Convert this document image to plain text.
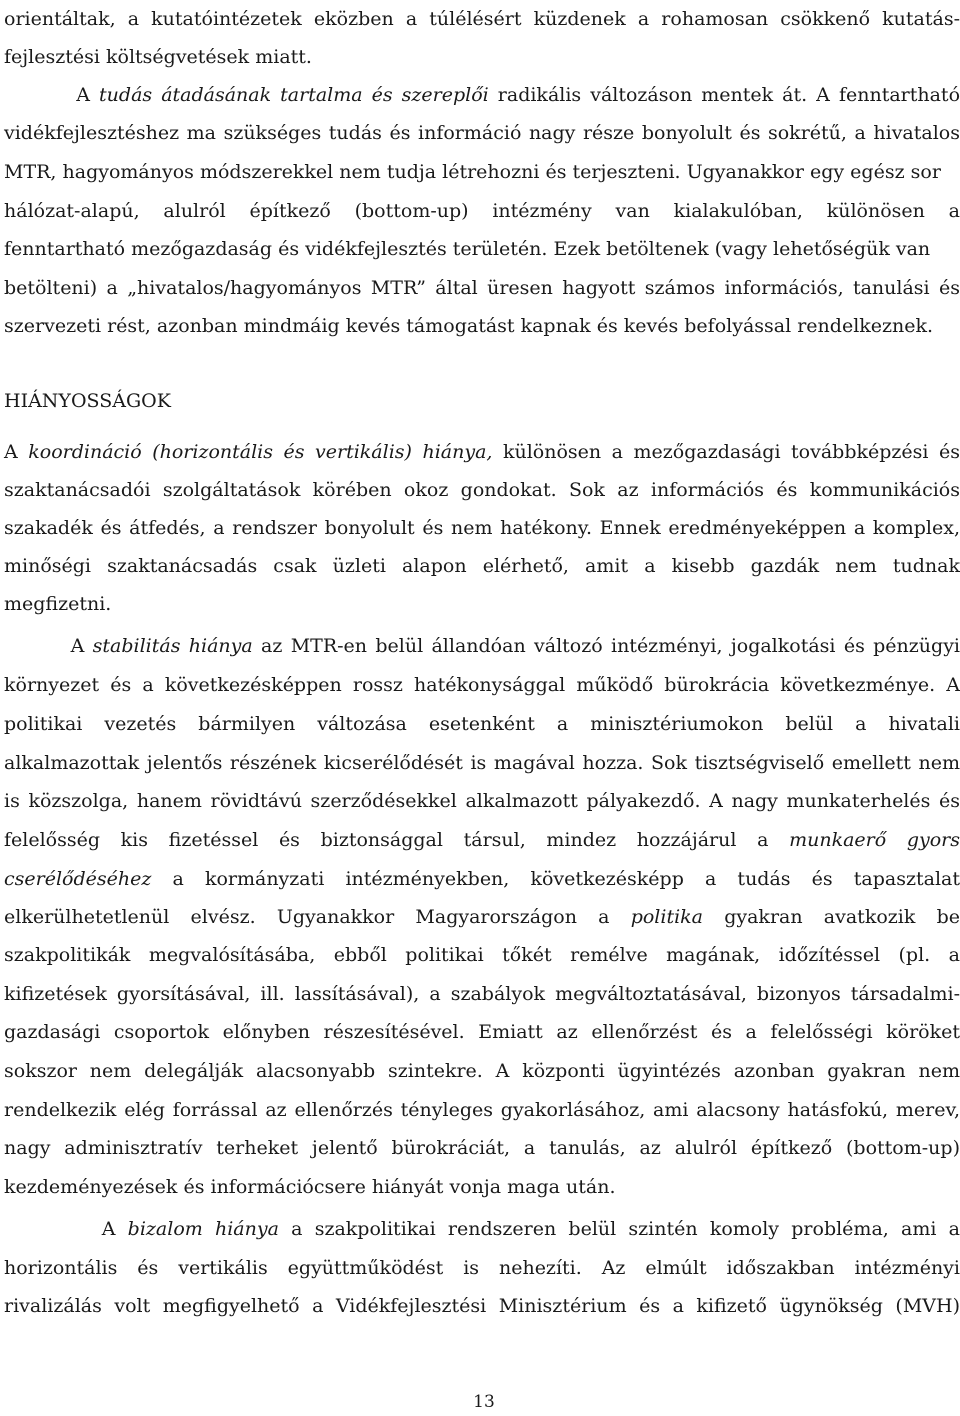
orientáltak, a kutatóintézetek eközben a túlélésért küzdenek a rohamosan csökkenő kutatás-
fejlesztési költségvetések miatt.
A tudás átadásának tartalma és szereplői radikális változáson mentek át. A fenntartható
vidékfejlesztéshez ma szükséges tudás és információ nagy része bonyolult és sokrétű, a hivatalos
MTR, hagyományos módszerekkel nem tudja létrehozni és terjeszteni. Ugyanakkor egy egész sor
hálózat-alapú, alulról építkező (bottom-up) intézmény van kialakulóban, különösen a
fenntartható mezőgazdaság és vidékfejlesztés területén. Ezek betöltenek (vagy lehetőségük van
betölteni) a „hivatalos/hagyományos MTR” által üresen hagyott számos információs, tanulási és
szervezeti rést, azonban mindmáig kevés támogatást kapnak és kevés befolyással rendelkeznek.
A koordináció (horizontális és vertikális) hiánya, különösen a mezőgazdasági továbbképzési és
szaktanácsadói szolgáltatások körében okoz gondokat. Sok az információs és kommunikációs
szakadék és átfedés, a rendszer bonyolult és nem hatékony. Ennek eredményeképpen a komplex,
minőségi szaktanácsadás csak üzleti alapon elérhető, amit a kisebb gazdák nem tudnak
megfizetni.
A stabilitás hiánya az MTR-en belül állandóan változó intézményi, jogalkotási és pénzügyi
környezet és a következésképpen rossz hatékonysággal működő bürokrácia következménye. A
politikai vezetés bármilyen változása esetenként a minisztériumokon belül a hivatali
alkalmazottak jelentős részének kicserélődését is magával hozza. Sok tisztségviselő emellett nem
is közszolga, hanem rövidtávú szerződésekkel alkalmazott pályakezdő. A nagy munkaterhelés és
felelősség kis fizetéssel és biztonsággal társul, mindez hozzájárul a munkaerő gyors
cserélődéséhez a kormányzati intézményekben, következésképp a tudás és tapasztalat
elkerülhetetlenül elvész. Ugyanakkor Magyarországon a politika gyakran avatkozik be
szakpolitikák megvalósításába, ebből politikai tőkét remélve magának, időzítéssel (pl. a
kifizetések gyorsításával, ill. lassításával), a szabályok megváltoztatásával, bizonyos társadalmi-
gazdasági csoportok előnyben részesítésével. Emiatt az ellenőrzést és a felelősségi köröket
sokszor nem delegálják alacsonyabb szintekre. A központi ügyintézés azonban gyakran nem
rendelkezik elég forrással az ellenőrzés tényleges gyakorlásához, ami alacsony hatásfokú, merev,
nagy adminisztratív terheket jelentő bürokráciát, a tanulás, az alulról építkező (bottom-up)
kezdeményezések és információcsere hiányát vonja maga után.
A bizalom hiánya a szakpolitikai rendszeren belül szintén komoly probléma, ami a
horizontális és vertikális együttműködést is nehezíti. Az elmúlt időszakban intézményi
rivalizálás volt megfigyelhető a Vidékfejlesztési Minisztérium és a kifizető ügynökség (MVH)
HIÁNYOSSÁGOK
13
